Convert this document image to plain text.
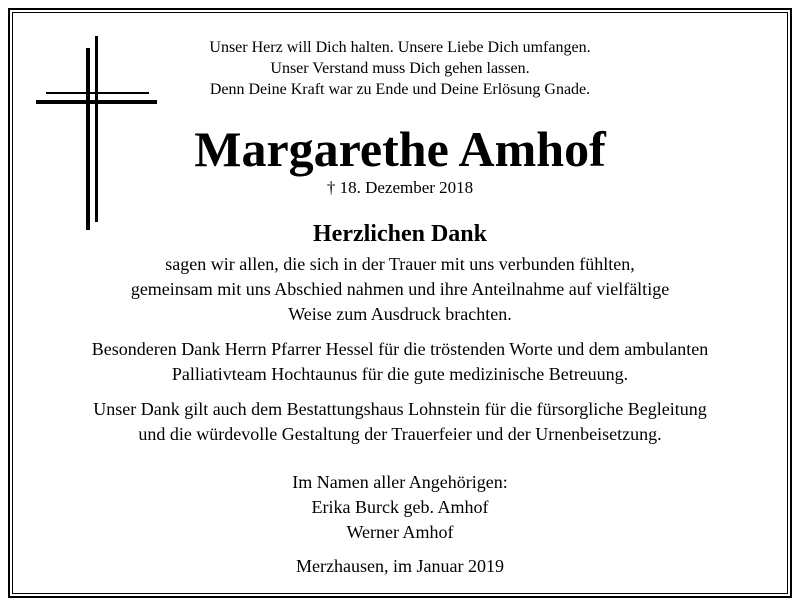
Unser Herz will Dich halten. Unsere Liebe Dich umfangen.
Unser Verstand muss Dich gehen lassen.
Denn Deine Kraft war zu Ende und Deine Erlösung Gnade.
Margarethe Amhof
† 18. Dezember 2018
Herzlichen Dank
sagen wir allen, die sich in der Trauer mit uns verbunden fühlten,
gemeinsam mit uns Abschied nahmen und ihre Anteilnahme auf vielfältige
Weise zum Ausdruck brachten.
Besonderen Dank Herrn Pfarrer Hessel für die tröstenden Worte und dem ambulanten
Palliativteam Hochtaunus für die gute medizinische Betreuung.
Unser Dank gilt auch dem Bestattungshaus Lohnstein für die fürsorgliche Begleitung
und die würdevolle Gestaltung der Trauerfeier und der Urnenbeisetzung.
Im Namen aller Angehörigen:
Erika Burck geb. Amhof
Werner Amhof
Merzhausen, im Januar 2019
